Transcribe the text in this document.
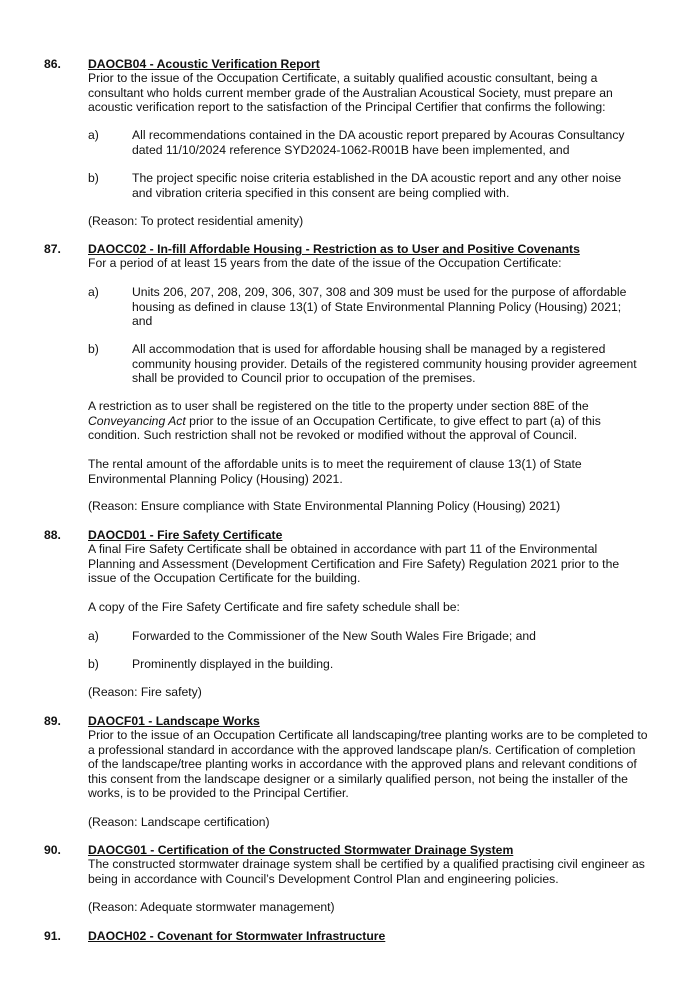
86. DAOCB04 - Acoustic Verification Report

Prior to the issue of the Occupation Certificate, a suitably qualified acoustic consultant, being a consultant who holds current member grade of the Australian Acoustical Society, must prepare an acoustic verification report to the satisfaction of the Principal Certifier that confirms the following:

a)	All recommendations contained in the DA acoustic report prepared by Acouras Consultancy dated 11/10/2024 reference SYD2024-1062-R001B have been implemented, and
b)	The project specific noise criteria established in the DA acoustic report and any other noise and vibration criteria specified in this consent are being complied with.

(Reason: To protect residential amenity)

87. DAOCC02 - In-fill Affordable Housing - Restriction as to User and Positive Covenants

For a period of at least 15 years from the date of the issue of the Occupation Certificate:

a)	Units 206, 207, 208, 209, 306, 307, 308 and 309 must be used for the purpose of affordable housing as defined in clause 13(1) of State Environmental Planning Policy (Housing) 2021; and
b)	All accommodation that is used for affordable housing shall be managed by a registered community housing provider. Details of the registered community housing provider agreement shall be provided to Council prior to occupation of the premises.

A restriction as to user shall be registered on the title to the property under section 88E of the Conveyancing Act prior to the issue of an Occupation Certificate, to give effect to part (a) of this condition. Such restriction shall not be revoked or modified without the approval of Council.

The rental amount of the affordable units is to meet the requirement of clause 13(1) of State Environmental Planning Policy (Housing) 2021.

(Reason: Ensure compliance with State Environmental Planning Policy (Housing) 2021)

88. DAOCD01 - Fire Safety Certificate

A final Fire Safety Certificate shall be obtained in accordance with part 11 of the Environmental Planning and Assessment (Development Certification and Fire Safety) Regulation 2021 prior to the issue of the Occupation Certificate for the building.

A copy of the Fire Safety Certificate and fire safety schedule shall be:

a)	Forwarded to the Commissioner of the New South Wales Fire Brigade; and
b)	Prominently displayed in the building.

(Reason: Fire safety)

89. DAOCF01 - Landscape Works

Prior to the issue of an Occupation Certificate all landscaping/tree planting works are to be completed to a professional standard in accordance with the approved landscape plan/s. Certification of completion of the landscape/tree planting works in accordance with the approved plans and relevant conditions of this consent from the landscape designer or a similarly qualified person, not being the installer of the works, is to be provided to the Principal Certifier.

(Reason: Landscape certification)

90. DAOCG01 - Certification of the Constructed Stormwater Drainage System

The constructed stormwater drainage system shall be certified by a qualified practising civil engineer as being in accordance with Council’s Development Control Plan and engineering policies.

(Reason: Adequate stormwater management)

91. DAOCH02 - Covenant for Stormwater Infrastructure
